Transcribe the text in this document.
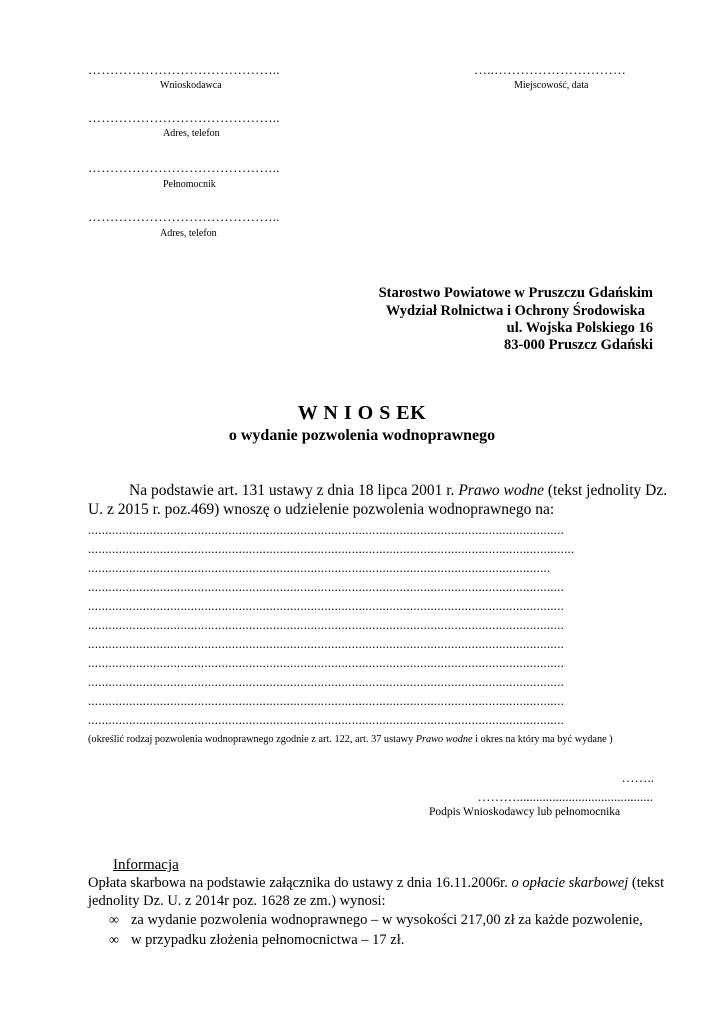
……………………………………..
Wnioskodawca
…..…………………………
Miejscowość, data
……………………………………..
Adres, telefon
……………………………………..
Pełnomocnik
……………………………………..
Adres, telefon
Starostwo Powiatowe w Pruszczu Gdańskim
Wydział Rolnictwa i Ochrony Środowiska
ul. Wojska Polskiego 16
83-000 Pruszcz Gdański
W N I O S EK
o wydanie pozwolenia wodnoprawnego
Na podstawie art. 131 ustawy z dnia 18 lipca 2001 r. Prawo wodne (tekst jednolity Dz.
U. z 2015 r. poz.469) wnoszę o udzielenie pozwolenia wodnoprawnego na:
...........................................................................................................................................
..............................................................................................................................................
.......................................................................................................................................
...........................................................................................................................................
...........................................................................................................................................
...........................................................................................................................................
...........................................................................................................................................
...........................................................................................................................................
...........................................................................................................................................
...........................................................................................................................................
...........................................................................................................................................
(określić rodzaj pozwolenia wodnoprawnego zgodnie z art. 122, art. 37 ustawy Prawo wodne i okres na który ma być wydane )
……..
………..........................................
Podpis Wnioskodawcy lub pełnomocnika
Informacja
Opłata skarbowa na podstawie załącznika do ustawy z dnia 16.11.2006r. o opłacie skarbowej (tekst
jednolity Dz. U. z 2014r poz. 1628 ze zm.) wynosi:
∞ za wydanie pozwolenia wodnoprawnego – w wysokości 217,00 zł za każde pozwolenie,
∞ w przypadku złożenia pełnomocnictwa – 17 zł.
